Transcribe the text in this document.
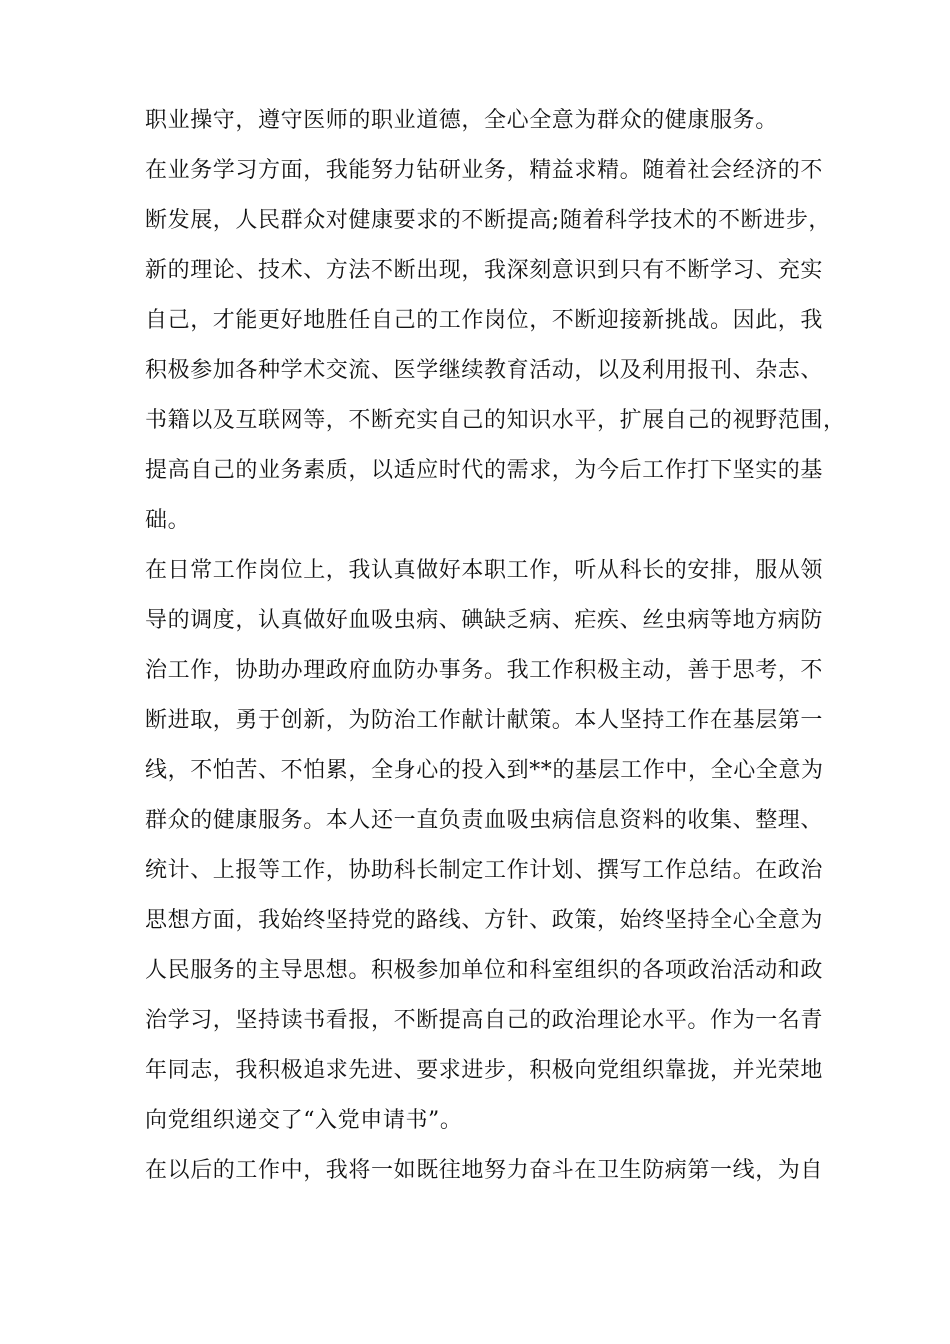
职业操守，遵守医师的职业道德，全心全意为群众的健康服务。
在业务学习方面，我能努力钻研业务，精益求精。随着社会经济的不
断发展，人民群众对健康要求的不断提高;随着科学技术的不断进步，
新的理论、技术、方法不断出现，我深刻意识到只有不断学习、充实
自己，才能更好地胜任自己的工作岗位，不断迎接新挑战。因此，我
积极参加各种学术交流、医学继续教育活动，以及利用报刊、杂志、
书籍以及互联网等，不断充实自己的知识水平，扩展自己的视野范围，
提高自己的业务素质，以适应时代的需求，为今后工作打下坚实的基
础。
在日常工作岗位上，我认真做好本职工作，听从科长的安排，服从领
导的调度，认真做好血吸虫病、碘缺乏病、疟疾、丝虫病等地方病防
治工作，协助办理政府血防办事务。我工作积极主动，善于思考，不
断进取，勇于创新，为防治工作献计献策。本人坚持工作在基层第一
线，不怕苦、不怕累，全身心的投入到**的基层工作中，全心全意为
群众的健康服务。本人还一直负责血吸虫病信息资料的收集、整理、
统计、上报等工作，协助科长制定工作计划、撰写工作总结。在政治
思想方面，我始终坚持党的路线、方针、政策，始终坚持全心全意为
人民服务的主导思想。积极参加单位和科室组织的各项政治活动和政
治学习，坚持读书看报，不断提高自己的政治理论水平。作为一名青
年同志，我积极追求先进、要求进步，积极向党组织靠拢，并光荣地
向党组织递交了“入党申请书”。
在以后的工作中，我将一如既往地努力奋斗在卫生防病第一线，为自
